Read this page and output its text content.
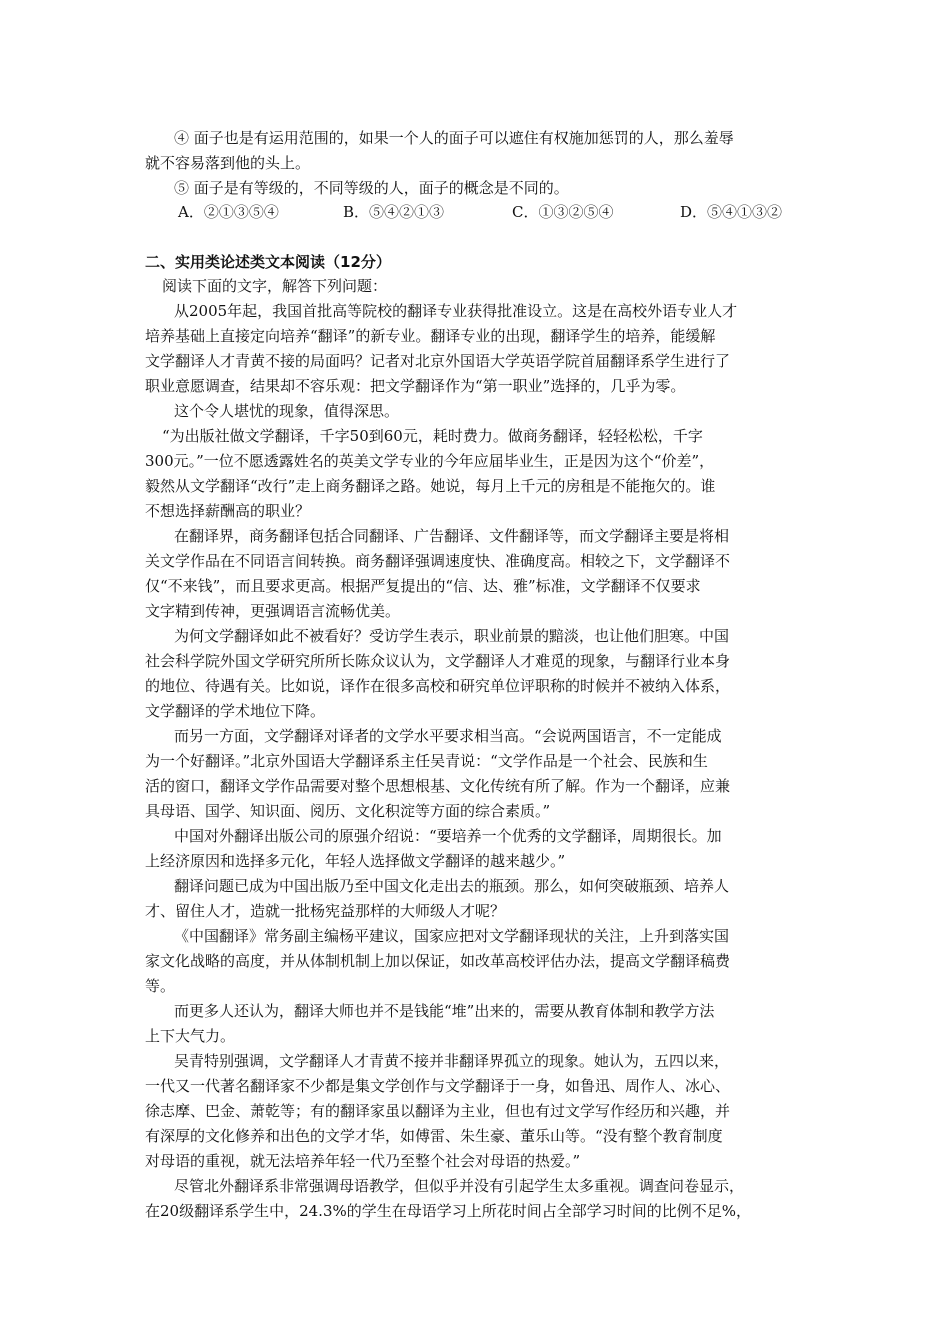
④ 面子也是有运用范围的，如果一个人的面子可以遮住有权施加惩罚的人，那么羞辱
就不容易落到他的头上。
⑤ 面子是有等级的，不同等级的人，面子的概念是不同的。
A．②①③⑤④	B．⑤④②①③	C．①③②⑤④	D．⑤④①③②
二、实用类论述类文本阅读（12分）
阅读下面的文字，解答下列问题：
从2005年起，我国首批高等院校的翻译专业获得批准设立。这是在高校外语专业人才
培养基础上直接定向培养“翻译”的新专业。翻译专业的出现，翻译学生的培养，能缓解
文学翻译人才青黄不接的局面吗？记者对北京外国语大学英语学院首届翻译系学生进行了
职业意愿调查，结果却不容乐观：把文学翻译作为“第一职业”选择的，几乎为零。
这个令人堪忧的现象，值得深思。
“为出版社做文学翻译，千字50到60元，耗时费力。做商务翻译，轻轻松松，千字
300元。”一位不愿透露姓名的英美文学专业的今年应届毕业生，正是因为这个“价差”，
毅然从文学翻译“改行”走上商务翻译之路。她说，每月上千元的房租是不能拖欠的。谁
不想选择薪酬高的职业？
在翻译界，商务翻译包括合同翻译、广告翻译、文件翻译等，而文学翻译主要是将相
关文学作品在不同语言间转换。商务翻译强调速度快、准确度高。相较之下，文学翻译不
仅“不来钱”，而且要求更高。根据严复提出的“信、达、雅”标准，文学翻译不仅要求
文字精到传神，更强调语言流畅优美。
为何文学翻译如此不被看好？受访学生表示，职业前景的黯淡，也让他们胆寒。中国
社会科学院外国文学研究所所长陈众议认为，文学翻译人才难觅的现象，与翻译行业本身
的地位、待遇有关。比如说，译作在很多高校和研究单位评职称的时候并不被纳入体系，
文学翻译的学术地位下降。
而另一方面，文学翻译对译者的文学水平要求相当高。“会说两国语言，不一定能成
为一个好翻译。”北京外国语大学翻译系主任吴青说：“文学作品是一个社会、民族和生
活的窗口，翻译文学作品需要对整个思想根基、文化传统有所了解。作为一个翻译，应兼
具母语、国学、知识面、阅历、文化积淀等方面的综合素质。”
中国对外翻译出版公司的原强介绍说：“要培养一个优秀的文学翻译，周期很长。加
上经济原因和选择多元化，年轻人选择做文学翻译的越来越少。”
翻译问题已成为中国出版乃至中国文化走出去的瓶颈。那么，如何突破瓶颈、培养人
才、留住人才，造就一批杨宪益那样的大师级人才呢？
《中国翻译》常务副主编杨平建议，国家应把对文学翻译现状的关注，上升到落实国
家文化战略的高度，并从体制机制上加以保证，如改革高校评估办法，提高文学翻译稿费
等。
而更多人还认为，翻译大师也并不是钱能“堆”出来的，需要从教育体制和教学方法
上下大气力。
吴青特别强调，文学翻译人才青黄不接并非翻译界孤立的现象。她认为，五四以来，
一代又一代著名翻译家不少都是集文学创作与文学翻译于一身，如鲁迅、周作人、冰心、
徐志摩、巴金、萧乾等；有的翻译家虽以翻译为主业，但也有过文学写作经历和兴趣，并
有深厚的文化修养和出色的文学才华，如傅雷、朱生豪、董乐山等。“没有整个教育制度
对母语的重视，就无法培养年轻一代乃至整个社会对母语的热爱。”
尽管北外翻译系非常强调母语教学，但似乎并没有引起学生太多重视。调查问卷显示，
在20级翻译系学生中，24.3%的学生在母语学习上所花时间占全部学习时间的比例不足%，
